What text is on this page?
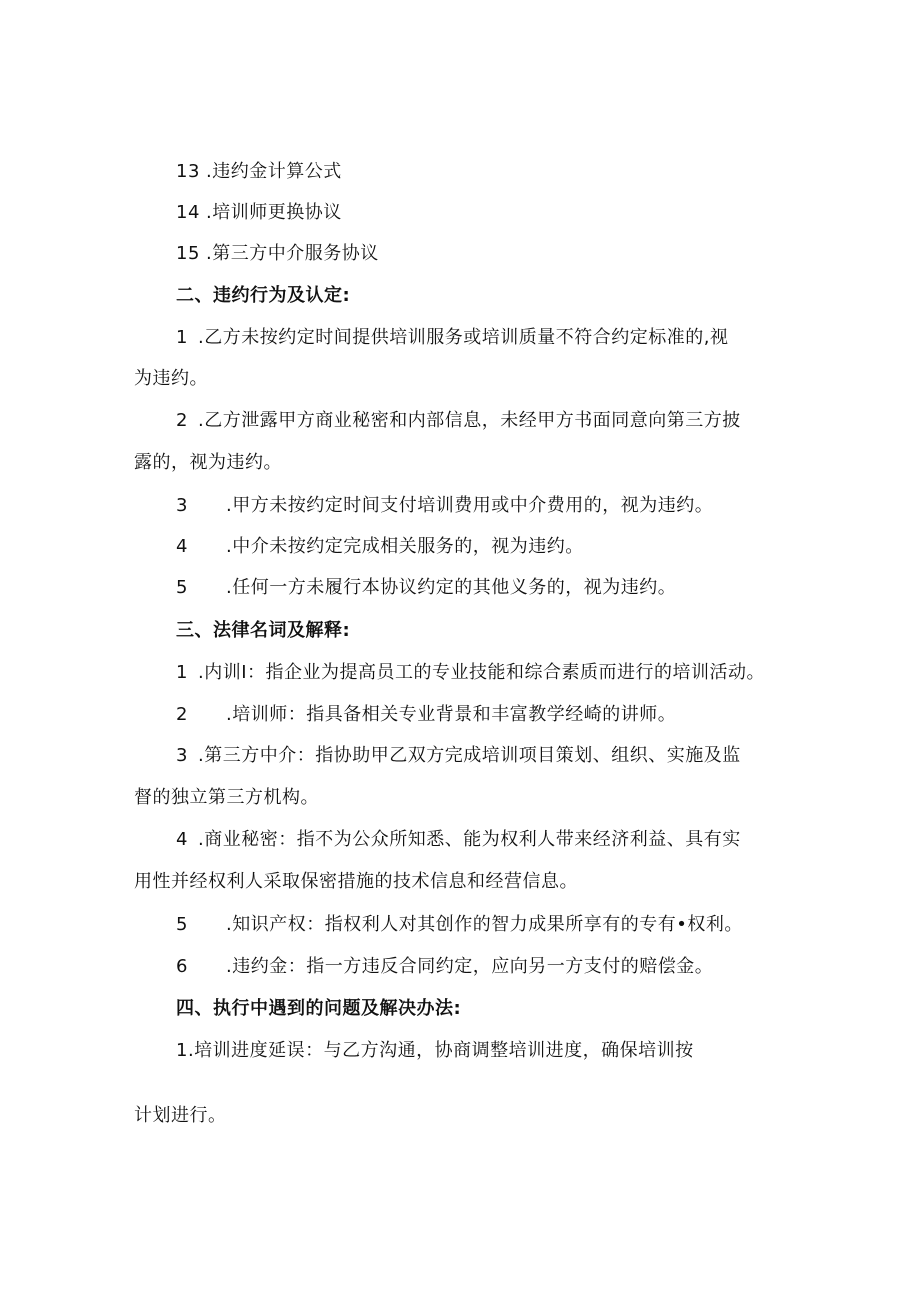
13 .违约金计算公式
14 .培训师更换协议
15 .第三方中介服务协议
二、违约行为及认定:
1 .乙方未按约定时间提供培训服务或培训质量不符合约定标准的,视
为违约。
2 .乙方泄露甲方商业秘密和内部信息，未经甲方书面同意向第三方披
露的，视为违约。
3 .甲方未按约定时间支付培训费用或中介费用的，视为违约。
4 .中介未按约定完成相关服务的，视为违约。
5 .任何一方未履行本协议约定的其他义务的，视为违约。
三、法律名词及解释:
1 .内训I：指企业为提高员工的专业技能和综合素质而进行的培训活动。
2 .培训师：指具备相关专业背景和丰富教学经崎的讲师。
3 .第三方中介：指协助甲乙双方完成培训项目策划、组织、实施及监
督的独立第三方机构。
4 .商业秘密：指不为公众所知悉、能为权利人带来经济利益、具有实
用性并经权利人采取保密措施的技术信息和经营信息。
5 .知识产权：指权利人对其创作的智力成果所享有的专有•权利。
6 .违约金：指一方违反合同约定，应向另一方支付的赔偿金。
四、执行中遇到的问题及解决办法:
1.培训进度延误：与乙方沟通，协商调整培训进度，确保培训按
计划进行。
